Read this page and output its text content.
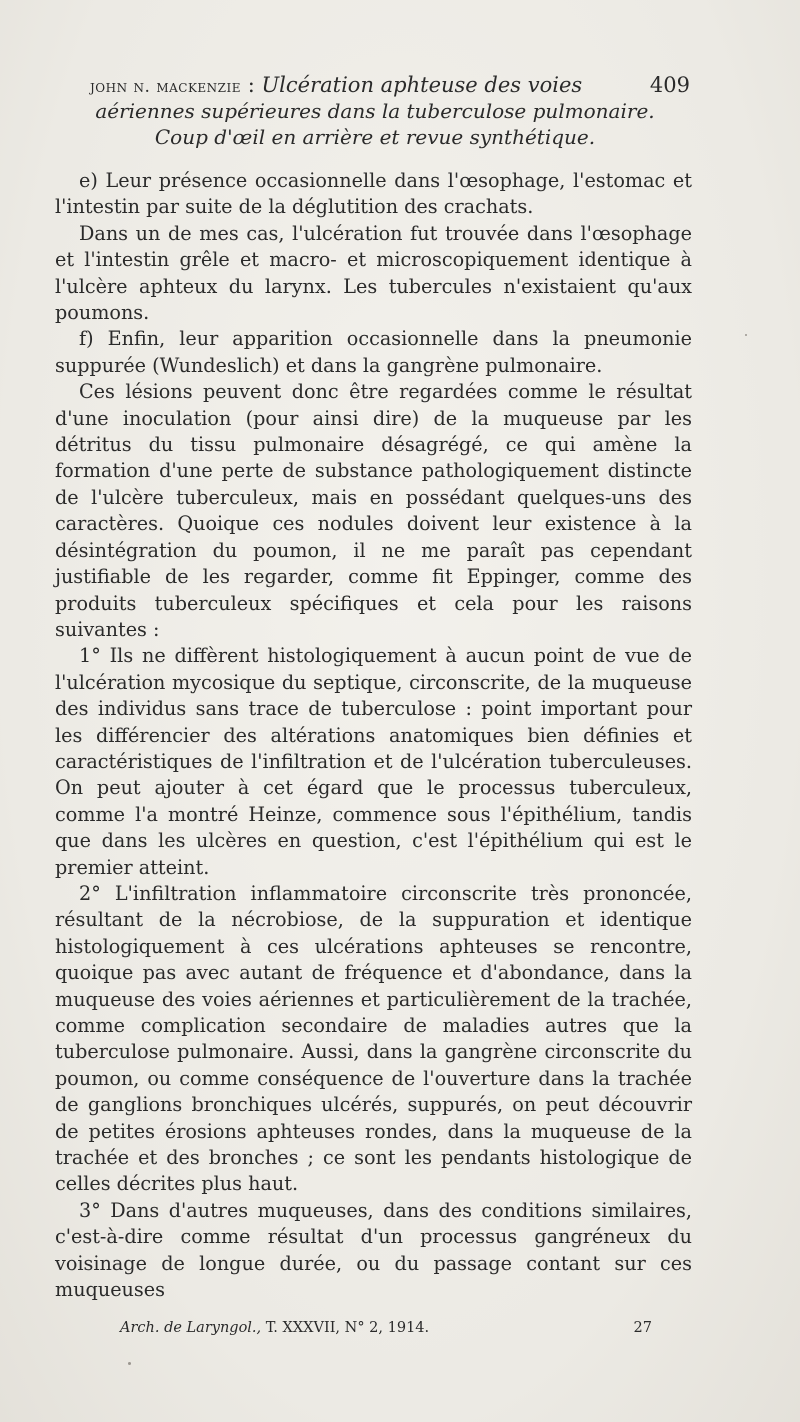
john n. mackenzie : Ulcération aphteuse des voies	409
aériennes supérieures dans la tuberculose pulmonaire.
Coup d'œil en arrière et revue synthétique.

e) Leur présence occasionnelle dans l'œsophage, l'estomac et l'intestin par suite de la déglutition des crachats.

Dans un de mes cas, l'ulcération fut trouvée dans l'œsophage et l'intestin grêle et macro- et microscopiquement identique à l'ulcère aphteux du larynx. Les tubercules n'existaient qu'aux poumons.

f) Enfin, leur apparition occasionnelle dans la pneumonie suppurée (Wundeslich) et dans la gangrène pulmonaire.

Ces lésions peuvent donc être regardées comme le résultat d'une inoculation (pour ainsi dire) de la muqueuse par les détritus du tissu pulmonaire désagrégé, ce qui amène la formation d'une perte de substance pathologiquement distincte de l'ulcère tuberculeux, mais en possédant quelques-uns des caractères. Quoique ces nodules doivent leur existence à la désintégration du poumon, il ne me paraît pas cependant justifiable de les regarder, comme fit Eppinger, comme des produits tuberculeux spécifiques et cela pour les raisons suivantes :

1° Ils ne diffèrent histologiquement à aucun point de vue de l'ulcération mycosique du septique, circonscrite, de la muqueuse des individus sans trace de tuberculose : point important pour les différencier des altérations anatomiques bien définies et caractéristiques de l'infiltration et de l'ulcération tuberculeuses. On peut ajouter à cet égard que le processus tuberculeux, comme l'a montré Heinze, commence sous l'épithélium, tandis que dans les ulcères en question, c'est l'épithélium qui est le premier atteint.

2° L'infiltration inflammatoire circonscrite très prononcée, résultant de la nécrobiose, de la suppuration et identique histologiquement à ces ulcérations aphteuses se rencontre, quoique pas avec autant de fréquence et d'abondance, dans la muqueuse des voies aériennes et particulièrement de la trachée, comme complication secondaire de maladies autres que la tuberculose pulmonaire. Aussi, dans la gangrène circonscrite du poumon, ou comme conséquence de l'ouverture dans la trachée de ganglions bronchiques ulcérés, suppurés, on peut découvrir de petites érosions aphteuses rondes, dans la muqueuse de la trachée et des bronches ; ce sont les pendants histologique de celles décrites plus haut.

3° Dans d'autres muqueuses, dans des conditions similaires, c'est-à-dire comme résultat d'un processus gangréneux du voisinage de longue durée, ou du passage contant sur ces muqueuses

Arch. de Laryngol., T. XXXVII, N° 2, 1914.	27
